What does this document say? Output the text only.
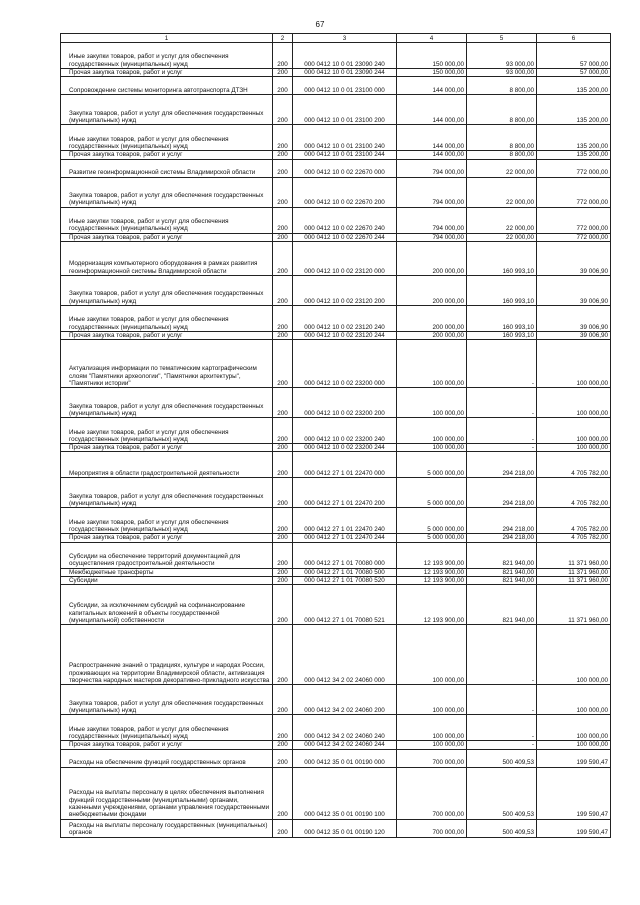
67
1	2	3	4	5	6
Иные закупки товаров, работ и услуг для обеспечения государственных (муниципальных) нужд	200	000 0412 10 0 01 23090 240	150 000,00	93 000,00	57 000,00
Прочая закупка товаров, работ и услуг	200	000 0412 10 0 01 23090 244	150 000,00	93 000,00	57 000,00
Сопровождение системы мониторинга автотранспорта ДТЗН	200	000 0412 10 0 01 23100 000	144 000,00	8 800,00	135 200,00
Закупка товаров, работ и услуг для обеспечения государственных (муниципальных) нужд	200	000 0412 10 0 01 23100 200	144 000,00	8 800,00	135 200,00
Иные закупки товаров, работ и услуг для обеспечения государственных (муниципальных) нужд	200	000 0412 10 0 01 23100 240	144 000,00	8 800,00	135 200,00
Прочая закупка товаров, работ и услуг	200	000 0412 10 0 01 23100 244	144 000,00	8 800,00	135 200,00
Развитие геоинформационной системы Владимирской области	200	000 0412 10 0 02 22670 000	794 000,00	22 000,00	772 000,00
Закупка товаров, работ и услуг для обеспечения государственных (муниципальных) нужд	200	000 0412 10 0 02 22670 200	794 000,00	22 000,00	772 000,00
Иные закупки товаров, работ и услуг для обеспечения государственных (муниципальных) нужд	200	000 0412 10 0 02 22670 240	794 000,00	22 000,00	772 000,00
Прочая закупка товаров, работ и услуг	200	000 0412 10 0 02 22670 244	794 000,00	22 000,00	772 000,00
Модернизация компьютерного оборудования в рамках развития геоинформационной системы Владимирской области	200	000 0412 10 0 02 23120 000	200 000,00	160 993,10	39 006,90
Закупка товаров, работ и услуг для обеспечения государственных (муниципальных) нужд	200	000 0412 10 0 02 23120 200	200 000,00	160 993,10	39 006,90
Иные закупки товаров, работ и услуг для обеспечения государственных (муниципальных) нужд	200	000 0412 10 0 02 23120 240	200 000,00	160 993,10	39 006,90
Прочая закупка товаров, работ и услуг	200	000 0412 10 0 02 23120 244	200 000,00	160 993,10	39 006,90
Актуализация информации по тематическим картографическим слоям "Памятники археологии", "Памятники архитектуры", "Памятники истории"	200	000 0412 10 0 02 23200 000	100 000,00	-	100 000,00
Закупка товаров, работ и услуг для обеспечения государственных (муниципальных) нужд	200	000 0412 10 0 02 23200 200	100 000,00	-	100 000,00
Иные закупки товаров, работ и услуг для обеспечения государственных (муниципальных) нужд	200	000 0412 10 0 02 23200 240	100 000,00	-	100 000,00
Прочая закупка товаров, работ и услуг	200	000 0412 10 0 02 23200 244	100 000,00	-	100 000,00
Мероприятия в области градостроительной деятельности	200	000 0412 27 1 01 22470 000	5 000 000,00	294 218,00	4 705 782,00
Закупка товаров, работ и услуг для обеспечения государственных (муниципальных) нужд	200	000 0412 27 1 01 22470 200	5 000 000,00	294 218,00	4 705 782,00
Иные закупки товаров, работ и услуг для обеспечения государственных (муниципальных) нужд	200	000 0412 27 1 01 22470 240	5 000 000,00	294 218,00	4 705 782,00
Прочая закупка товаров, работ и услуг	200	000 0412 27 1 01 22470 244	5 000 000,00	294 218,00	4 705 782,00
Субсидии на обеспечение территорий документацией для осуществления градостроительной деятельности	200	000 0412 27 1 01 70080 000	12 193 900,00	821 940,00	11 371 960,00
Межбюджетные трансферты	200	000 0412 27 1 01 70080 500	12 193 900,00	821 940,00	11 371 960,00
Субсидии	200	000 0412 27 1 01 70080 520	12 193 900,00	821 940,00	11 371 960,00
Субсидии, за исключением субсидий на софинансирование капитальных вложений в объекты государственной (муниципальной) собственности	200	000 0412 27 1 01 70080 521	12 193 900,00	821 940,00	11 371 960,00
Распространение знаний о традициях, культуре и народах России, проживающих на территории Владимирской области, активизация творчества народных мастеров декоративно-прикладного искусства	200	000 0412 34 2 02 24060 000	100 000,00	-	100 000,00
Закупка товаров, работ и услуг для обеспечения государственных (муниципальных) нужд	200	000 0412 34 2 02 24060 200	100 000,00	-	100 000,00
Иные закупки товаров, работ и услуг для обеспечения государственных (муниципальных) нужд	200	000 0412 34 2 02 24060 240	100 000,00	-	100 000,00
Прочая закупка товаров, работ и услуг	200	000 0412 34 2 02 24060 244	100 000,00	-	100 000,00
Расходы на обеспечение функций государственных органов	200	000 0412 35 0 01 00190 000	700 000,00	500 409,53	199 590,47
Расходы на выплаты персоналу в целях обеспечения выполнения функций государственными (муниципальными) органами, казенными учреждениями, органами управления государственными внебюджетными фондами	200	000 0412 35 0 01 00190 100	700 000,00	500 409,53	199 590,47
Расходы на выплаты персоналу государственных (муниципальных) органов	200	000 0412 35 0 01 00190 120	700 000,00	500 409,53	199 590,47
